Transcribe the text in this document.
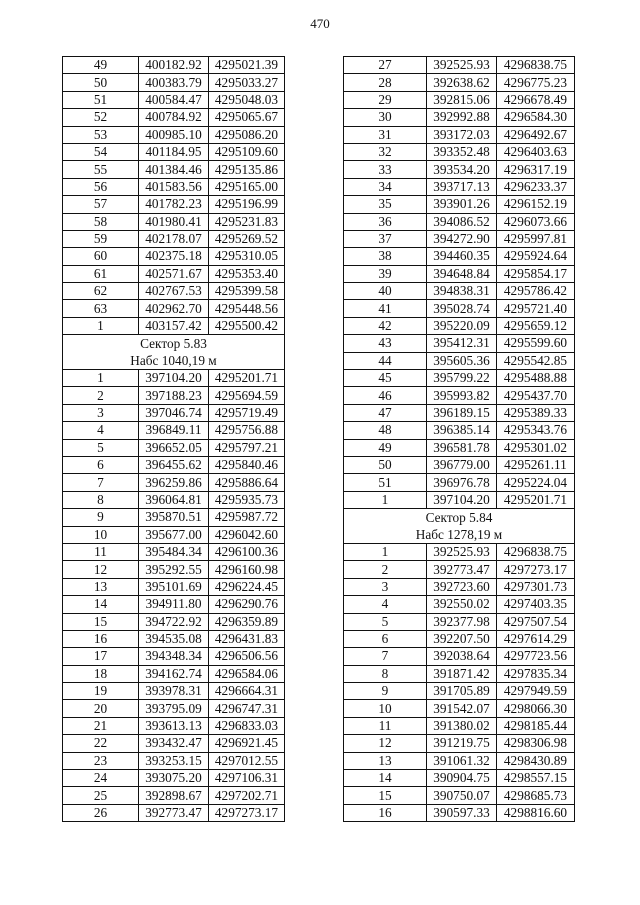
470
49	400182.92	4295021.39
50	400383.79	4295033.27
51	400584.47	4295048.03
52	400784.92	4295065.67
53	400985.10	4295086.20
54	401184.95	4295109.60
55	401384.46	4295135.86
56	401583.56	4295165.00
57	401782.23	4295196.99
58	401980.41	4295231.83
59	402178.07	4295269.52
60	402375.18	4295310.05
61	402571.67	4295353.40
62	402767.53	4295399.58
63	402962.70	4295448.56
1	403157.42	4295500.42
Сектор 5.83		
Набс 1040,19 м		
1	397104.20	4295201.71
2	397188.23	4295694.59
3	397046.74	4295719.49
4	396849.11	4295756.88
5	396652.05	4295797.21
6	396455.62	4295840.46
7	396259.86	4295886.64
8	396064.81	4295935.73
9	395870.51	4295987.72
10	395677.00	4296042.60
11	395484.34	4296100.36
12	395292.55	4296160.98
13	395101.69	4296224.45
14	394911.80	4296290.76
15	394722.92	4296359.89
16	394535.08	4296431.83
17	394348.34	4296506.56
18	394162.74	4296584.06
19	393978.31	4296664.31
20	393795.09	4296747.31
21	393613.13	4296833.03
22	393432.47	4296921.45
23	393253.15	4297012.55
24	393075.20	4297106.31
25	392898.67	4297202.71
26	392773.47	4297273.17
27	392525.93	4296838.75
28	392638.62	4296775.23
29	392815.06	4296678.49
30	392992.88	4296584.30
31	393172.03	4296492.67
32	393352.48	4296403.63
33	393534.20	4296317.19
34	393717.13	4296233.37
35	393901.26	4296152.19
36	394086.52	4296073.66
37	394272.90	4295997.81
38	394460.35	4295924.64
39	394648.84	4295854.17
40	394838.31	4295786.42
41	395028.74	4295721.40
42	395220.09	4295659.12
43	395412.31	4295599.60
44	395605.36	4295542.85
45	395799.22	4295488.88
46	395993.82	4295437.70
47	396189.15	4295389.33
48	396385.14	4295343.76
49	396581.78	4295301.02
50	396779.00	4295261.11
51	396976.78	4295224.04
1	397104.20	4295201.71
Сектор 5.84		
Набс 1278,19 м		
1	392525.93	4296838.75
2	392773.47	4297273.17
3	392723.60	4297301.73
4	392550.02	4297403.35
5	392377.98	4297507.54
6	392207.50	4297614.29
7	392038.64	4297723.56
8	391871.42	4297835.34
9	391705.89	4297949.59
10	391542.07	4298066.30
11	391380.02	4298185.44
12	391219.75	4298306.98
13	391061.32	4298430.89
14	390904.75	4298557.15
15	390750.07	4298685.73
16	390597.33	4298816.60
